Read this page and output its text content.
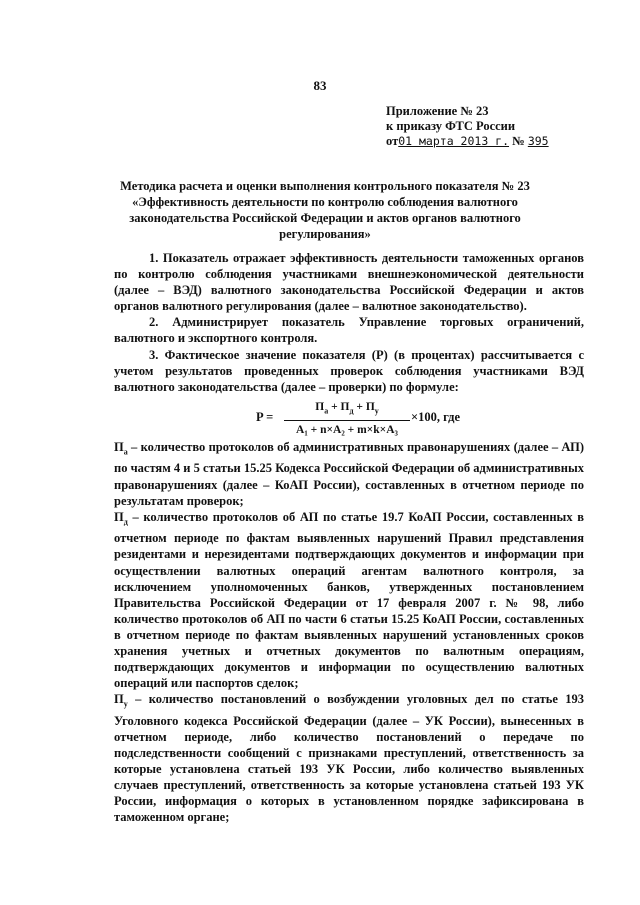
83
Приложение № 23
к приказу ФТС России
от01 марта 2013 г. № 395
Методика расчета и оценки выполнения контрольного показателя № 23
«Эффективность деятельности по контролю соблюдения валютного
законодательства Российской Федерации и актов органов валютного
регулирования»

1. Показатель отражает эффективность деятельности таможенных органов по контролю соблюдения участниками внешнеэкономической деятельности (далее – ВЭД) валютного законодательства Российской Федерации и актов органов валютного регулирования (далее – валютное законодательство).

2. Администрирует показатель Управление торговых ограничений, валютного и экспортного контроля.

3. Фактическое значение показателя (Р) (в процентах) рассчитывается с учетом результатов проведенных проверок соблюдения участниками ВЭД валютного законодательства (далее – проверки) по формуле:

P =
$П_а + П_д + П_у$
A₁ + n×A₂ + m×k×A₃
×100, где

$П_а$ – количество протоколов об административных правонарушениях (далее – АП) по частям 4 и 5 статьи 15.25 Кодекса Российской Федерации об административных правонарушениях (далее – КоАП России), составленных в отчетном периоде по результатам проверок;

$П_д$ – количество протоколов об АП по статье 19.7 КоАП России, составленных в отчетном периоде по фактам выявленных нарушений Правил представления резидентами и нерезидентами подтверждающих документов и информации при осуществлении валютных операций агентам валютного контроля, за исключением уполномоченных банков, утвержденных постановлением Правительства Российской Федерации от 17 февраля 2007 г. № 98, либо количество протоколов об АП по части 6 статьи 15.25 КоАП России, составленных в отчетном периоде по фактам выявленных нарушений установленных сроков хранения учетных и отчетных документов по валютным операциям, подтверждающих документов и информации по осуществлению валютных операций или паспортов сделок;

$П_у$ – количество постановлений о возбуждении уголовных дел по статье 193 Уголовного кодекса Российской Федерации (далее – УК России), вынесенных в отчетном периоде, либо количество постановлений о передаче по подследственности сообщений с признаками преступлений, ответственность за которые установлена статьей 193 УК России, либо количество выявленных случаев преступлений, ответственность за которые установлена статьей 193 УК России, информация о которых в установленном порядке зафиксирована в таможенном органе;
